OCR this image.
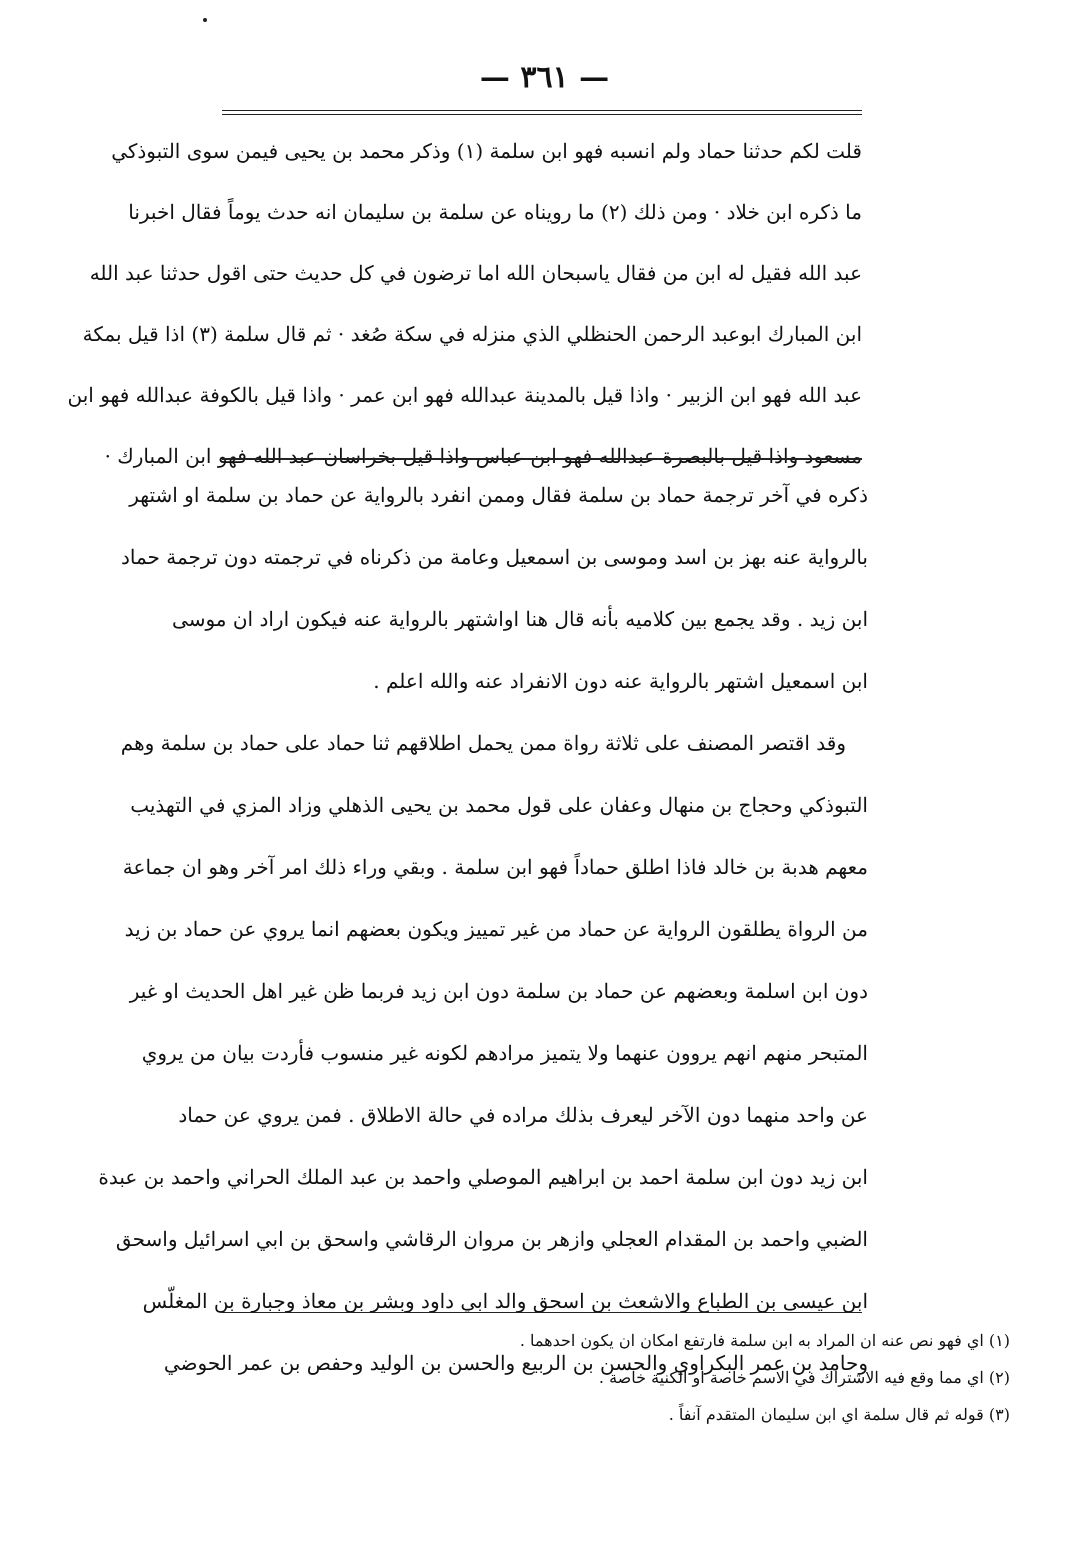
— ٣٦١ —

قلت لكم حدثنا حماد ولم انسبه فهو ابن سلمة (١) وذكر محمد بن يحيى فيمن سوى التبوذكي

ما ذكره ابن خلاد · ومن ذلك (٢) ما رويناه عن سلمة بن سليمان انه حدث يوماً فقال اخبرنا

عبد الله فقيل له ابن من فقال ياسبحان الله اما ترضون في كل حديث حتى اقول حدثنا عبد الله

ابن المبارك ابوعبد الرحمن الحنظلي الذي منزله في سكة صُغد · ثم قال سلمة (٣) اذا قيل بمكة

عبد الله فهو ابن الزبير · واذا قيل بالمدينة عبدالله فهو ابن عمر · واذا قيل بالكوفة عبدالله فهو ابن

مسعود واذا قيل بالبصرة عبدالله فهو ابن عباس واذا قيل بخراسان عبد الله فهو ابن المبارك ·

ذكره في آخر ترجمة حماد بن سلمة فقال وممن انفرد بالرواية عن حماد بن سلمة او اشتهر

بالرواية عنه بهز بن اسد وموسى بن اسمعيل وعامة من ذكرناه في ترجمته دون ترجمة حماد

ابن زيد . وقد يجمع بين كلاميه بأنه قال هنا اواشتهر بالرواية عنه فيكون اراد ان موسى

ابن اسمعيل اشتهر بالرواية عنه دون الانفراد عنه والله اعلم .

وقد اقتصر المصنف على ثلاثة رواة ممن يحمل اطلاقهم ثنا حماد على حماد بن سلمة وهم

التبوذكي وحجاج بن منهال وعفان على قول محمد بن يحيى الذهلي وزاد المزي في التهذيب

معهم هدبة بن خالد فاذا اطلق حماداً فهو ابن سلمة . وبقي وراء ذلك امر آخر وهو ان جماعة

من الرواة يطلقون الرواية عن حماد من غير تمييز ويكون بعضهم انما يروي عن حماد بن زيد

دون ابن اسلمة وبعضهم عن حماد بن سلمة دون ابن زيد فربما ظن غير اهل الحديث او غير

المتبحر منهم انهم يروون عنهما ولا يتميز مرادهم لكونه غير منسوب فأردت بيان من يروي

عن واحد منهما دون الآخر ليعرف بذلك مراده في حالة الاطلاق . فمن يروي عن حماد

ابن زيد دون ابن سلمة احمد بن ابراهيم الموصلي واحمد بن عبد الملك الحراني واحمد بن عبدة

الضبي واحمد بن المقدام العجلي وازهر بن مروان الرقاشي واسحق بن ابي اسرائيل واسحق

ابن عيسى بن الطباع والاشعث بن اسحق والد ابي داود وبشر بن معاذ وجبارة بن المغلّس

وحامد بن عمر البكراوي والحسن بن الربيع والحسن بن الوليد وحفص بن عمر الحوضي

(١) اي فهو نص عنه ان المراد به ابن سلمة فارتفع امكان ان يكون احدهما .

(٢) اي مما وقع فيه الاشتراك في الاسم خاصة او الكنية خاصة .

(٣) قوله ثم قال سلمة اي ابن سليمان المتقدم آنفاً .
